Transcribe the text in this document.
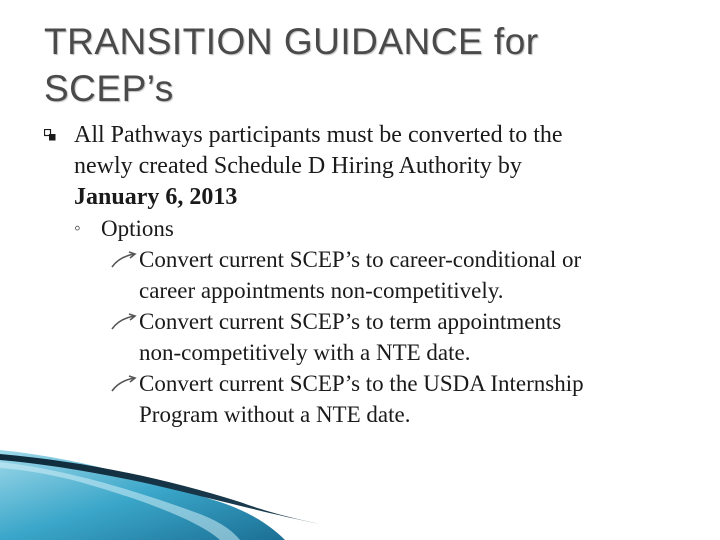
TRANSITION GUIDANCE for
SCEP’s
All Pathways participants must be converted to the
newly created Schedule D Hiring Authority by
January 6, 2013
◦ Options
Convert current SCEP’s to career-conditional or
career appointments non-competitively.
Convert current SCEP’s to term appointments
non-competitively with a NTE date.
Convert current SCEP’s to the USDA Internship
Program without a NTE date.
